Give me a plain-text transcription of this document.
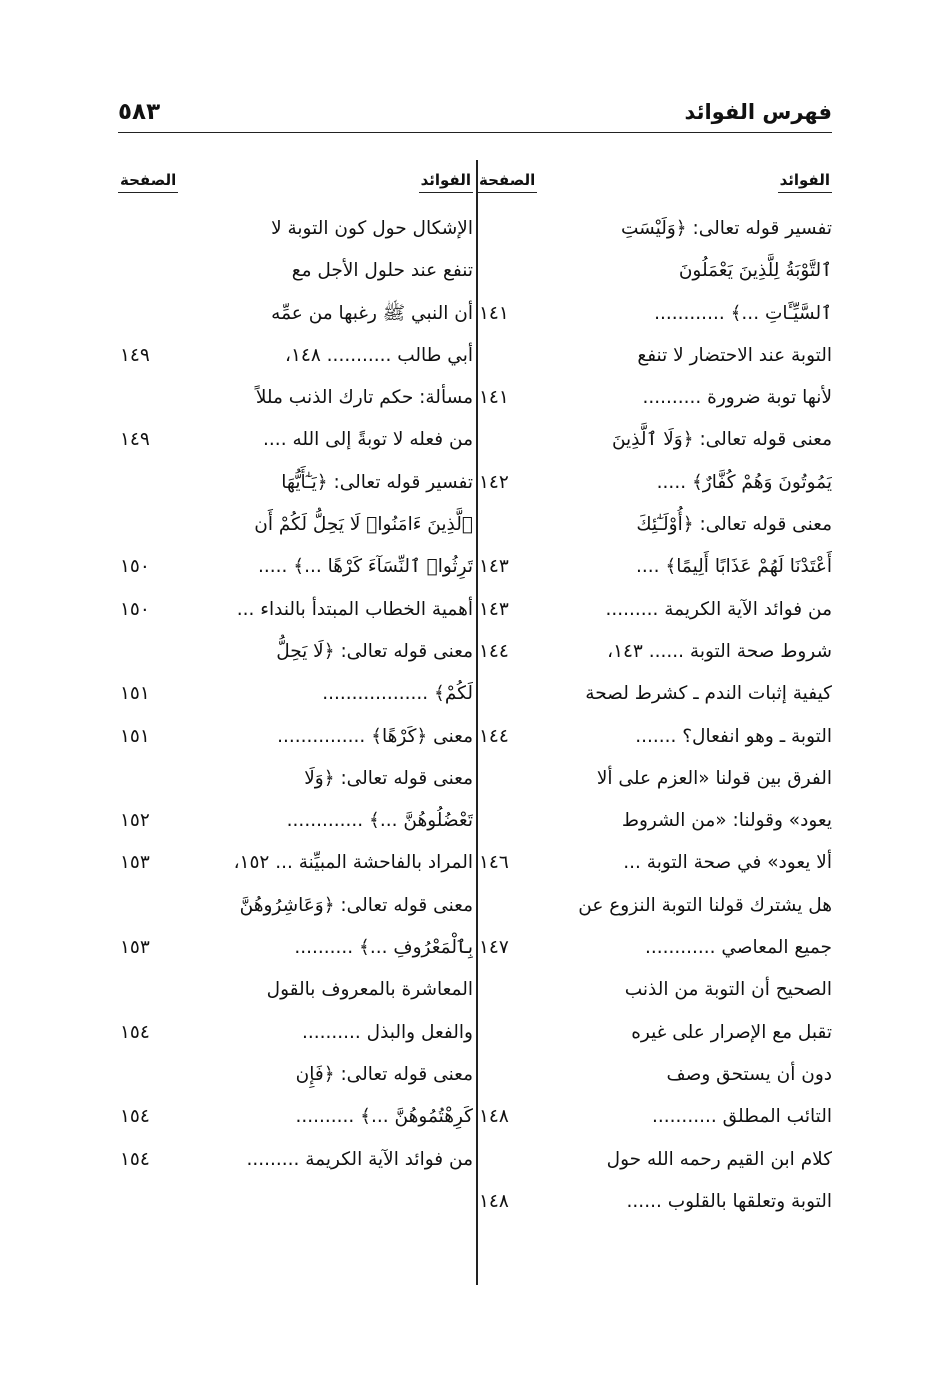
فهرس الفوائد
٥٨٣
الفوائد
الصفحة
تفسير قوله تعالى: ﴿وَلَيْسَتِ
ٱلتَّوْبَةُ لِلَّذِينَ يَعْمَلُونَ
ٱلسَّيِّـَٔاتِ ...﴾ ............
١٤١
التوبة عند الاحتضار لا تنفع
لأنها توبة ضرورة ..........
١٤١
معنى قوله تعالى: ﴿وَلَا ٱلَّذِينَ
يَمُوتُونَ وَهُمْ كُفَّارٌ﴾ .....
١٤٢
معنى قوله تعالى: ﴿أُوْلَـٰٓئِكَ
أَعْتَدْنَا لَهُمْ عَذَابًا أَلِيمًا﴾ ....
١٤٣
من فوائد الآية الكريمة .........
١٤٣
شروط صحة التوبة ...... ١٤٣،
١٤٤
كيفية إثبات الندم ـ كشرط لصحة
التوبة ـ وهو انفعال؟ .......
١٤٤
الفرق بين قولنا «العزم على ألا
يعود» وقولنا: «من الشروط
ألا يعود» في صحة التوبة ...
١٤٦
هل يشترك قولنا التوبة النزوع عن
جميع المعاصي ............
١٤٧
الصحيح أن التوبة من الذنب
تقبل مع الإصرار على غيره
دون أن يستحق وصف
التائب المطلق ...........
١٤٨
كلام ابن القيم رحمه الله حول
التوبة وتعلقها بالقلوب ......
١٤٨
الفوائد
الصفحة
الإشكال حول كون التوبة لا
تنفع عند حلول الأجل مع
أن النبي ﷺ رغبها من عمِّه
أبي طالب ........... ١٤٨،
١٤٩
مسألة: حكم تارك الذنب مللاً
من فعله لا توبةً إلى الله ....
١٤٩
تفسير قوله تعالى: ﴿يَـٰٓأَيُّهَا
ٱلَّذِينَ ءَامَنُوا۟ لَا يَحِلُّ لَكُمْ أَن
تَرِثُوا۟ ٱلنِّسَآءَ كَرْهًا ...﴾ .....
١٥٠
أهمية الخطاب المبتدأ بالنداء ...
١٥٠
معنى قوله تعالى: ﴿لَا يَحِلُّ
لَكُمْ﴾ ..................
١٥١
معنى ﴿كَرْهًا﴾ ...............
١٥١
معنى قوله تعالى: ﴿وَلَا
تَعْضُلُوهُنَّ ...﴾ .............
١٥٢
المراد بالفاحشة المبيِّنة ... ١٥٢،
١٥٣
معنى قوله تعالى: ﴿وَعَاشِرُوهُنَّ
بِٱلْمَعْرُوفِ ...﴾ ..........
١٥٣
المعاشرة بالمعروف بالقول
والفعل والبذل ..........
١٥٤
معنى قوله تعالى: ﴿فَإِن
كَرِهْتُمُوهُنَّ ...﴾ ..........
١٥٤
من فوائد الآية الكريمة .........
١٥٤
